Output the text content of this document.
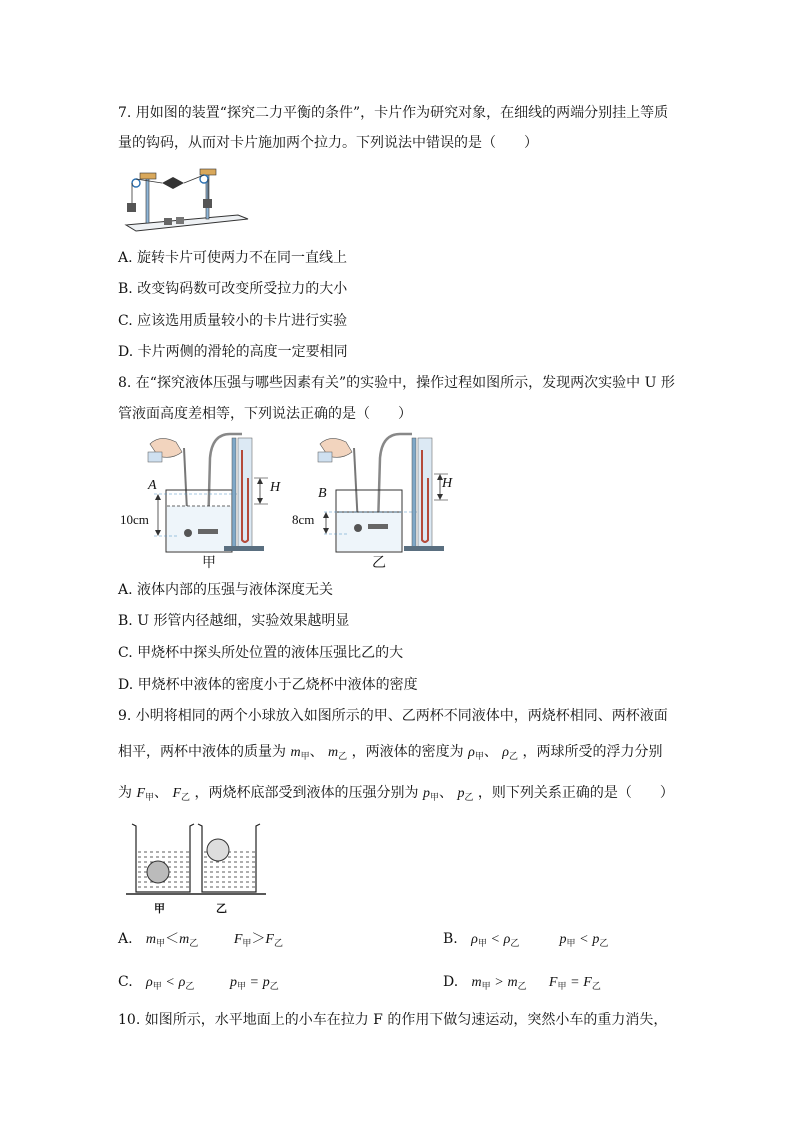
7. 用如图的装置“探究二力平衡的条件”，卡片作为研究对象，在细线的两端分别挂上等质
量的钩码，从而对卡片施加两个拉力。下列说法中错误的是（　　）
A. 旋转卡片可使两力不在同一直线上
B. 改变钩码数可改变所受拉力的大小
C. 应该选用质量较小的卡片进行实验
D. 卡片两侧的滑轮的高度一定要相同
8. 在“探究液体压强与哪些因素有关”的实验中，操作过程如图所示，发现两次实验中 U 形
管液面高度差相等，下列说法正确的是（　　）
A
10cm
H
甲
B
8cm
H
乙
A. 液体内部的压强与液体深度无关
B. U 形管内径越细，实验效果越明显
C. 甲烧杯中探头所处位置的液体压强比乙的大
D. 甲烧杯中液体的密度小于乙烧杯中液体的密度
9. 小明将相同的两个小球放入如图所示的甲、乙两杯不同液体中，两烧杯相同、两杯液面
相平，两杯中液体的质量为 $m_甲$、 $m_乙$ ，两液体的密度为 $\rho_甲$、 $\rho_乙$ ，两球所受的浮力分别
为 $F_甲$、 $F_乙$ ，两烧杯底部受到液体的压强分别为 $p_甲$、 $p_乙$ ，则下列关系正确的是（　　）
甲	乙
A. $m_甲<m_乙$	$F_甲>F_乙$	B. $\rho_甲 < \rho_乙$	$p_甲 < p_乙$
C. $\rho_甲 < \rho_乙$	$p_甲 = p_乙$	D. $m_甲 > m_乙$ $F_甲 = F_乙$
10. 如图所示，水平地面上的小车在拉力 F 的作用下做匀速运动，突然小车的重力消失，
